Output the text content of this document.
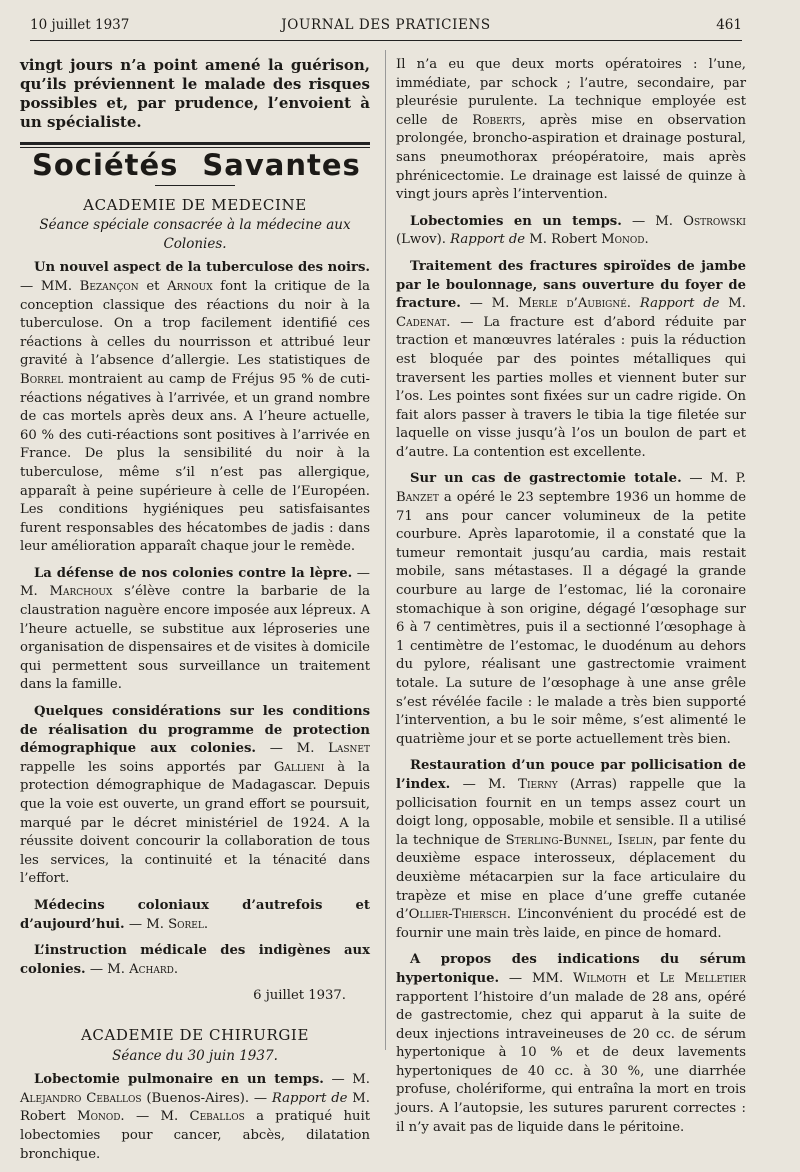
10 juillet 1937	JOURNAL DES PRATICIENS	461

vingt jours n’a point amené la guérison, qu’ils préviennent le malade des risques possibles et, par prudence, l’envoient à un spécialiste.

Sociétés Savantes
ACADEMIE DE MEDECINE
Séance spéciale consacrée à la médecine aux Colonies.

Un nouvel aspect de la tuberculose des noirs. — MM. Bezançon et Arnoux font la critique de la conception classique des réactions du noir à la tuberculose. On a trop facilement identifié ces réactions à celles du nourrisson et attribué leur gravité à l’absence d’allergie. Les statistiques de Borrel montraient au camp de Fréjus 95 % de cuti-réactions négatives à l’arrivée, et un grand nombre de cas mortels après deux ans. A l’heure actuelle, 60 % des cuti-réactions sont positives à l’arrivée en France. De plus la sensibilité du noir à la tuberculose, même s’il n’est pas allergique, apparaît à peine supérieure à celle de l’Européen. Les conditions hygiéniques peu satisfaisantes furent responsables des hécatombes de jadis : dans leur amélioration apparaît chaque jour le remède.

La défense de nos colonies contre la lèpre. — M. Marchoux s’élève contre la barbarie de la claustration naguère encore imposée aux lépreux. A l’heure actuelle, se substitue aux léproseries une organisation de dispensaires et de visites à domicile qui permettent sous surveillance un traitement dans la famille.

Quelques considérations sur les conditions de réalisation du programme de protection démographique aux colonies. — M. Lasnet rappelle les soins apportés par Gallieni à la protection démographique de Madagascar. Depuis que la voie est ouverte, un grand effort se poursuit, marqué par le décret ministériel de 1924. A la réussite doivent concourir la collaboration de tous les services, la continuité et la ténacité dans l’effort.

Médecins coloniaux d’autrefois et d’aujourd’hui. — M. Sorel.

L’instruction médicale des indigènes aux colonies. — M. Achard.

6 juillet 1937.
ACADEMIE DE CHIRURGIE
Séance du 30 juin 1937.

Lobectomie pulmonaire en un temps. — M. Alejandro Ceballos (Buenos-Aires). — Rapport de M. Robert Monod. — M. Ceballos a pratiqué huit lobectomies pour cancer, abcès, dilatation bronchique.

Il n’a eu que deux morts opératoires : l’une, immédiate, par schock ; l’autre, secondaire, par pleurésie purulente. La technique employée est celle de Roberts, après mise en observation prolongée, broncho-aspiration et drainage postural, sans pneumothorax préopératoire, mais après phrénicectomie. Le drainage est laissé de quinze à vingt jours après l’intervention.

Lobectomies en un temps. — M. Ostrowski (Lwov). Rapport de M. Robert Monod.

Traitement des fractures spiroïdes de jambe par le boulonnage, sans ouverture du foyer de fracture. — M. Merle d’Aubigné. Rapport de M. Cadenat. — La fracture est d’abord réduite par traction et manœuvres latérales : puis la réduction est bloquée par des pointes métalliques qui traversent les parties molles et viennent buter sur l’os. Les pointes sont fixées sur un cadre rigide. On fait alors passer à travers le tibia la tige filetée sur laquelle on visse jusqu’à l’os un boulon de part et d’autre. La contention est excellente.

Sur un cas de gastrectomie totale. — M. P. Banzet a opéré le 23 septembre 1936 un homme de 71 ans pour cancer volumineux de la petite courbure. Après laparotomie, il a constaté que la tumeur remontait jusqu’au cardia, mais restait mobile, sans métastases. Il a dégagé la grande courbure au large de l’estomac, lié la coronaire stomachique à son origine, dégagé l’œsophage sur 6 à 7 centimètres, puis il a sectionné l’œsophage à 1 centimètre de l’estomac, le duodénum au dehors du pylore, réalisant une gastrectomie vraiment totale. La suture de l’œsophage à une anse grêle s’est révélée facile : le malade a très bien supporté l’intervention, a bu le soir même, s’est alimenté le quatrième jour et se porte actuellement très bien.

Restauration d’un pouce par pollicisation de l’index. — M. Tierny (Arras) rappelle que la pollicisation fournit en un temps assez court un doigt long, opposable, mobile et sensible. Il a utilisé la technique de Sterling-Bunnel, Iselin, par fente du deuxième espace interosseux, déplacement du deuxième métacarpien sur la face articulaire du trapèze et mise en place d’une greffe cutanée d’Ollier-Thiersch. L’inconvénient du procédé est de fournir une main très laide, en pince de homard.

A propos des indications du sérum hypertonique. — MM. Wilmoth et Le Melletier rapportent l’histoire d’un malade de 28 ans, opéré de gastrectomie, chez qui apparut à la suite de deux injections intraveineuses de 20 cc. de sérum hypertonique à 10 % et de deux lavements hypertoniques de 40 cc. à 30 %, une diarrhée profuse, cholériforme, qui entraîna la mort en trois jours. A l’autopsie, les sutures parurent correctes : il n’y avait pas de liquide dans le péritoine.
